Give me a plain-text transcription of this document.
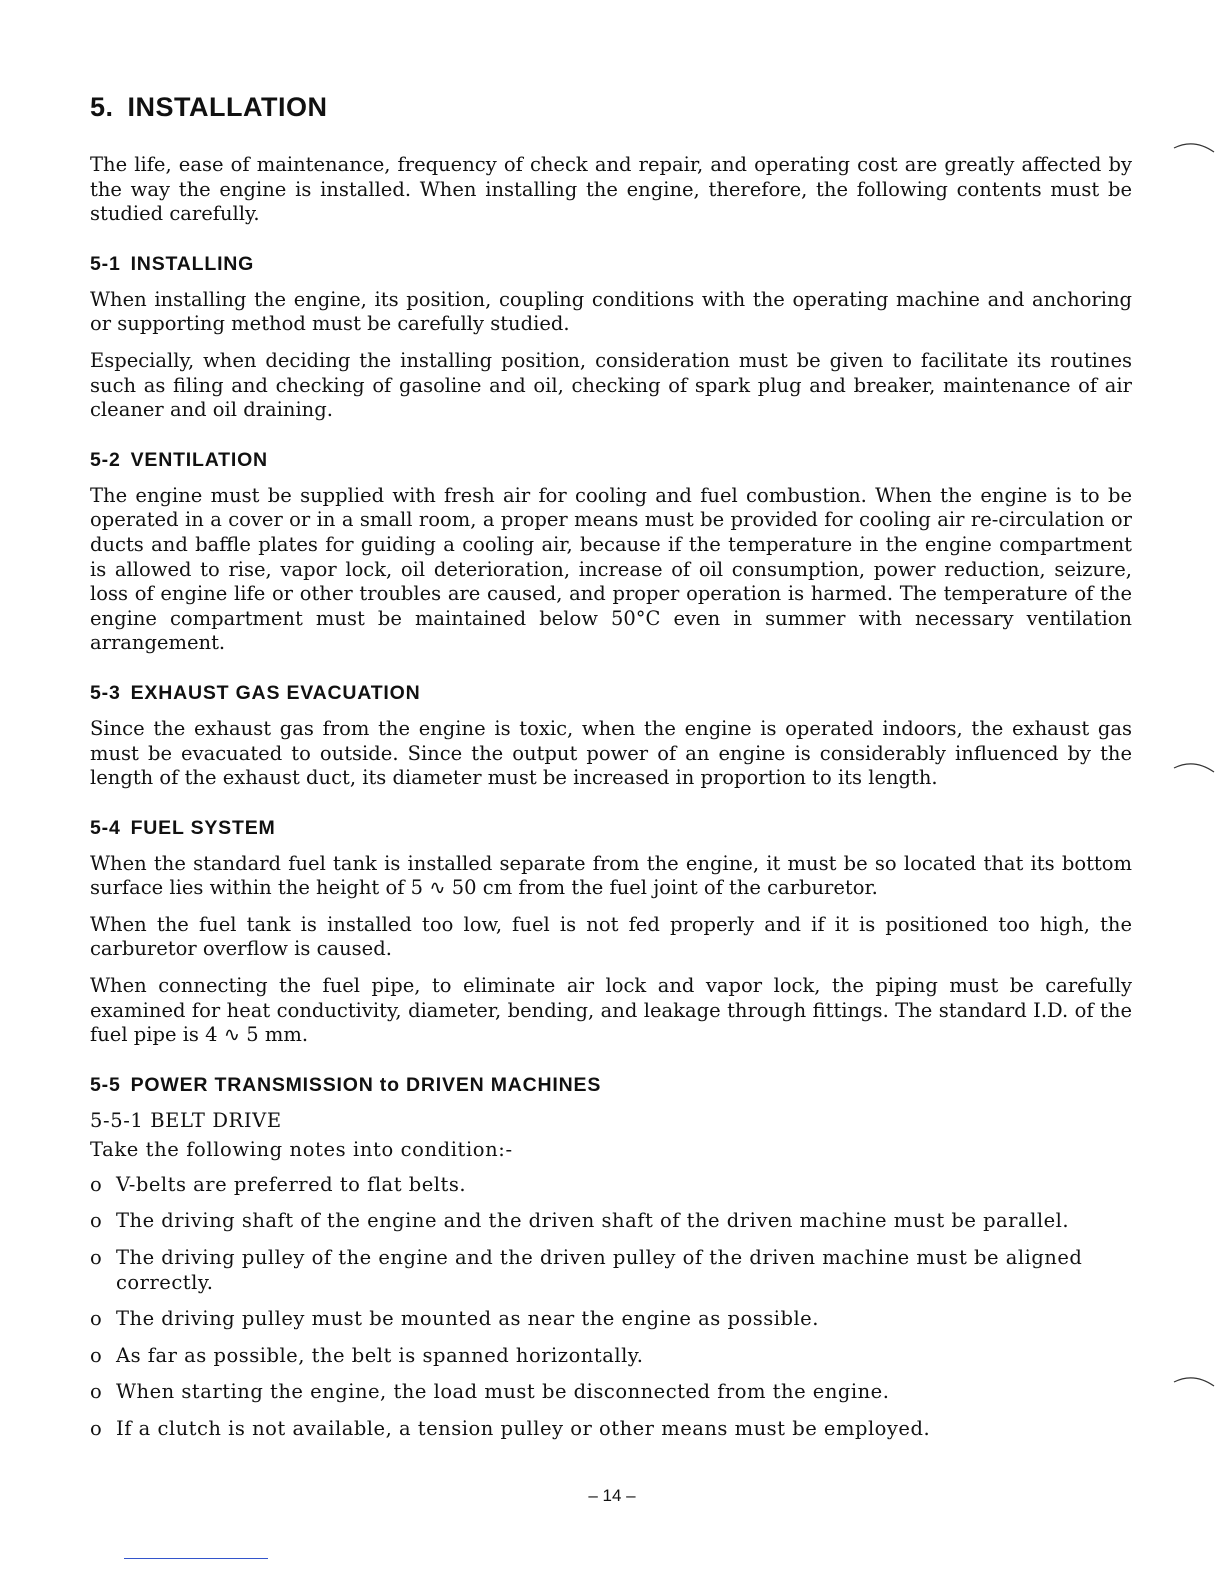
5. INSTALLATION

The life, ease of maintenance, frequency of check and repair, and operating cost are greatly affected by the way the engine is installed. When installing the engine, therefore, the following contents must be studied carefully.

5-1 INSTALLING

When installing the engine, its position, coupling conditions with the operating machine and anchoring or supporting method must be carefully studied.

Especially, when deciding the installing position, consideration must be given to facilitate its routines such as filing and checking of gasoline and oil, checking of spark plug and breaker, maintenance of air cleaner and oil draining.

5-2 VENTILATION

The engine must be supplied with fresh air for cooling and fuel combustion. When the engine is to be operated in a cover or in a small room, a proper means must be provided for cooling air re-circulation or ducts and baffle plates for guiding a cooling air, because if the temperature in the engine compartment is allowed to rise, vapor lock, oil deterioration, increase of oil consumption, power reduction, seizure, loss of engine life or other troubles are caused, and proper operation is harmed. The temperature of the engine compartment must be maintained below 50°C even in summer with necessary ventilation arrangement.

5-3 EXHAUST GAS EVACUATION

Since the exhaust gas from the engine is toxic, when the engine is operated indoors, the exhaust gas must be evacuated to outside. Since the output power of an engine is considerably influenced by the length of the exhaust duct, its diameter must be increased in proportion to its length.

5-4 FUEL SYSTEM

When the standard fuel tank is installed separate from the engine, it must be so located that its bottom surface lies within the height of 5 ∿ 50 cm from the fuel joint of the carburetor.

When the fuel tank is installed too low, fuel is not fed properly and if it is positioned too high, the carburetor overflow is caused.

When connecting the fuel pipe, to eliminate air lock and vapor lock, the piping must be carefully examined for heat conductivity, diameter, bending, and leakage through fittings. The standard I.D. of the fuel pipe is 4 ∿ 5 mm.

5-5 POWER TRANSMISSION to DRIVEN MACHINES
5-5-1 BELT DRIVE
Take the following notes into condition:-
o V-belts are preferred to flat belts.
o The driving shaft of the engine and the driven shaft of the driven machine must be parallel.
o The driving pulley of the engine and the driven pulley of the driven machine must be aligned correctly.
o The driving pulley must be mounted as near the engine as possible.
o As far as possible, the belt is spanned horizontally.
o When starting the engine, the load must be disconnected from the engine.
o If a clutch is not available, a tension pulley or other means must be employed.
– 14 –
